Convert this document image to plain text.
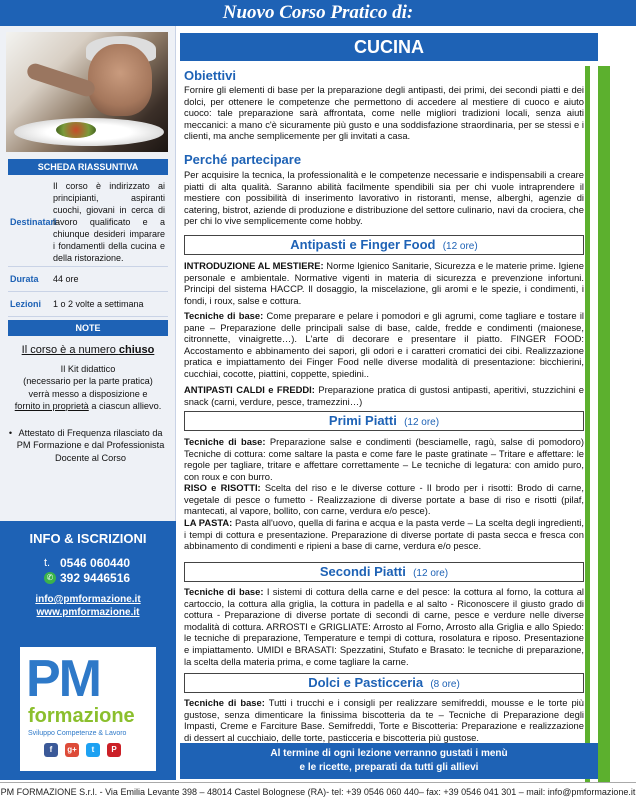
Nuovo Corso Pratico di:
SCHEDA RIASSUNTIVA
Destinatari
Il corso è indirizzato ai principianti, aspiranti cuochi, giovani in cerca di lavoro qualificato e a chiunque desideri imparare i fondamentli della cucina e della ristorazione.
Durata	44 ore
Lezioni	1 o 2 volte a settimana
NOTE
Il corso è a numero chiuso
Il Kit didattico
(necessario per la parte pratica)
verrà messo a disposizione e
fornito in proprietà a ciascun allievo.
• Attestato di Frequenza rilasciato da PM Formazione e dal Professionista Docente al Corso
INFO & ISCRIZIONI
t. 0546 060440
✆ 392 9446516
info@pmformazione.it
www.pmformazione.it
PM
formazione
Sviluppo Competenze & Lavoro
f	g+	t	P
CUCINA
Obiettivi
Fornire gli elementi di base per la preparazione degli antipasti, dei primi, dei secondi piatti e dei dolci, per ottenere le competenze che permettono di accedere al mestiere di cuoco e aiuto cuoco: tale preparazione sarà affrontata, come nelle migliori tradizioni locali, senza aiuti meccanici: a mano c'è sicuramente più gusto e una soddisfazione straordinaria, per se stessi e i clienti, ma anche semplicemente per gli invitati a casa.
Perché partecipare
Per acquisire la tecnica, la professionalità e le competenze necessarie e indispensabili a creare piatti di alta qualità. Saranno abilità facilmente spendibili sia per chi vuole intraprendere il mestiere con possibilità di inserimento lavorativo in ristoranti, mense, alberghi, agenzie di catering, bistrot, aziende di produzione e distribuzione del settore culinario, navi da crociera, che per chi lo vive semplicemente come hobby.
Antipasti e Finger Food (12 ore)
INTRODUZIONE AL MESTIERE: Norme Igienico Sanitarie, Sicurezza e le materie prime. Igiene personale e ambientale. Normative vigenti in materia di sicurezza e prevenzione infortuni. Principi del sistema HACCP. Il dosaggio, la miscelazione, gli aromi e le spezie, i condimenti, i fondi, i roux, salse e cottura.
Tecniche di base: Come preparare e pelare i pomodori e gli agrumi, come tagliare e tostare il pane – Preparazione delle principali salse di base, calde, fredde e condimenti (maionese, citronnette, vinaigrette…). L'arte di decorare e presentare il piatto. FINGER FOOD: Accostamento e abbinamento dei sapori, gli odori e i caratteri cromatici dei cibi. Realizzazione pratica e impiattamento dei Finger Food nelle diverse modalità di presentazione: bicchierini, cucchiai, cocotte, piattini, coppette, spiedini..
ANTIPASTI CALDI e FREDDI: Preparazione pratica di gustosi antipasti, aperitivi, stuzzichini e snack (carni, verdure, pesce, tramezzini…)
Primi Piatti (12 ore)
Tecniche di base: Preparazione salse e condimenti (besciamelle, ragù, salse di pomodoro) Tecniche di cottura: come saltare la pasta e come fare le paste gratinate – Tritare e affettare: le regole per tagliare, tritare e affettare correttamente – Le tecniche di legatura: con amido puro, con roux e con burro.
RISO e RISOTTI: Scelta del riso e le diverse cotture - Il brodo per i risotti: Brodo di carne, vegetale di pesce o fumetto - Realizzazione di diverse portate a base di riso e risotti (pilaf, mantecati, al vapore, bollito, con carne, verdura e/o pesce).
LA PASTA: Pasta all'uovo, quella di farina e acqua e la pasta verde – La scelta degli ingredienti, i tempi di cottura e presentazione. Preparazione di diverse portate di pasta secca e fresca con abbinamento di condimenti e ripieni a base di carne, verdura e/o pesce.
Secondi Piatti (12 ore)
Tecniche di base: I sistemi di cottura della carne e del pesce: la cottura al forno, la cottura al cartoccio, la cottura alla griglia, la cottura in padella e al salto - Riconoscere il giusto grado di cottura - Preparazione di diverse portate di secondi di carne, pesce e verdure nelle diverse modalità di cottura. ARROSTI e GRIGLIATE: Arrosto al Forno, Arrosto alla Griglia e allo Spiedo: le tecniche di preparazione, Temperature e tempi di cottura, rosolatura e riposo. Presentazione e impiattamento. UMIDI e BRASATI: Spezzatini, Stufato e Brasato: le tecniche di preparazione, la scelta della materia prima, e come tagliare la carne.
Dolci e Pasticceria (8 ore)
Tecniche di base: Tutti i trucchi e i consigli per realizzare semifreddi, mousse e le torte più gustose, senza dimenticare la finissima biscotteria da te – Tecniche di Preparazione degli Impasti, Creme e Farciture Base. Semifreddi, Torte e Biscotteria: Preparazione e realizzazione di dessert al cucchiaio, delle torte, pasticceria e biscotteria più gustose.
Al termine di ogni lezione verranno gustati i menù
e le ricette, preparati da tutti gli allievi
PM FORMAZIONE S.r.l. - Via Emilia Levante 398 – 48014 Castel Bolognese (RA)- tel: +39 0546 060 440– fax: +39 0546 041 301 – mail: info@pmformazione.it
